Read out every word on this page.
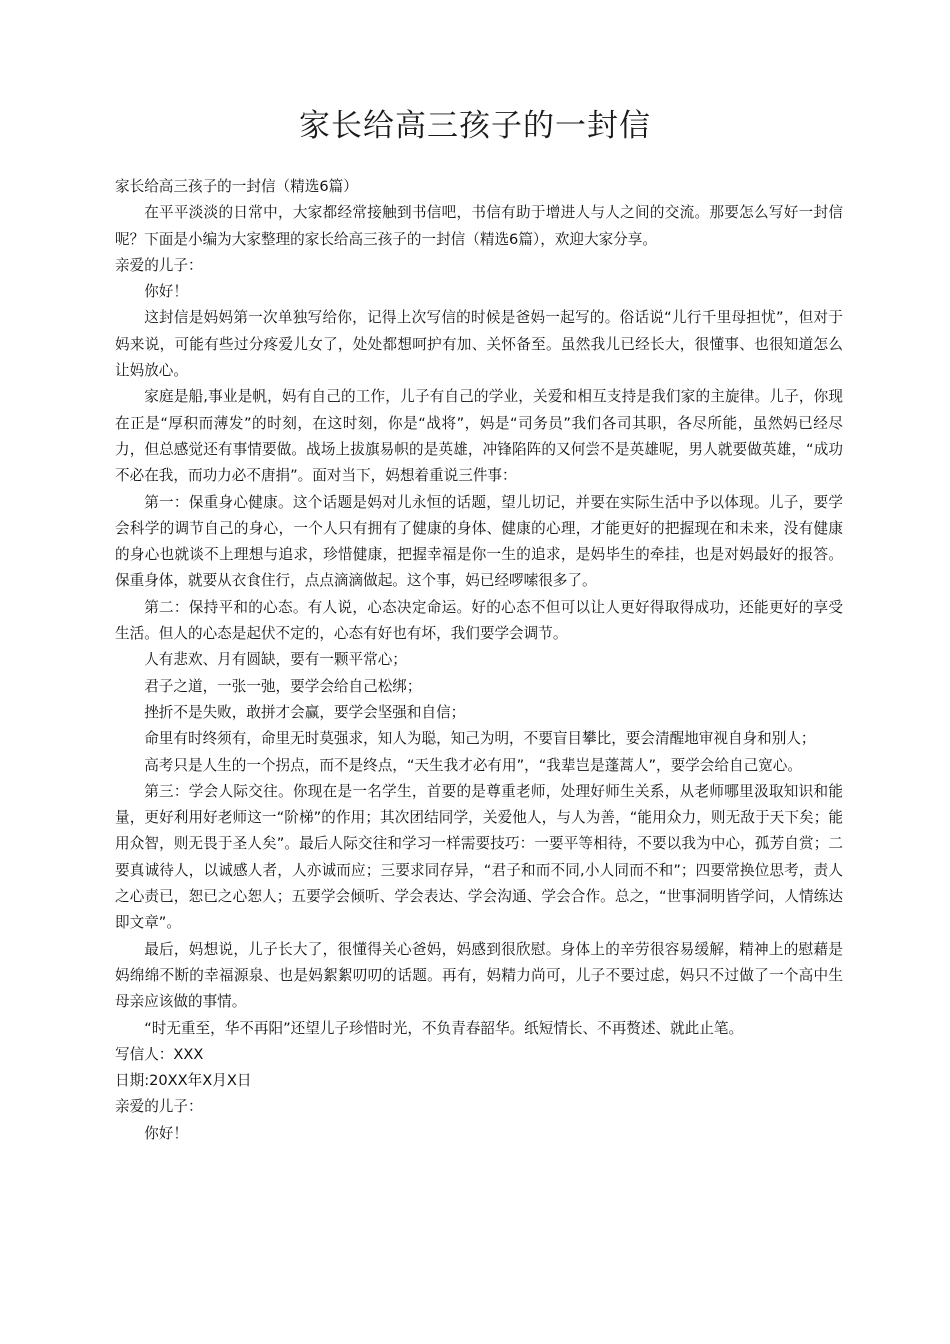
家长给高三孩子的一封信

家长给高三孩子的一封信（精选6篇）

在平平淡淡的日常中，大家都经常接触到书信吧，书信有助于增进人与人之间的交流。那要怎么写好一封信呢？下面是小编为大家整理的家长给高三孩子的一封信（精选6篇），欢迎大家分享。

亲爱的儿子：

你好！

这封信是妈妈第一次单独写给你，记得上次写信的时候是爸妈一起写的。俗话说“儿行千里母担忧”，但对于妈来说，可能有些过分疼爱儿女了，处处都想呵护有加、关怀备至。虽然我儿已经长大，很懂事、也很知道怎么让妈放心。

家庭是船,事业是帆，妈有自己的工作，儿子有自己的学业，关爱和相互支持是我们家的主旋律。儿子，你现在正是“厚积而薄发”的时刻，在这时刻，你是“战将”，妈是“司务员”我们各司其职，各尽所能，虽然妈已经尽力，但总感觉还有事情要做。战场上拔旗易帜的是英雄，冲锋陷阵的又何尝不是英雄呢，男人就要做英雄，“成功不必在我，而功力必不唐捐”。面对当下，妈想着重说三件事：

第一：保重身心健康。这个话题是妈对儿永恒的话题，望儿切记，并要在实际生活中予以体现。儿子，要学会科学的调节自己的身心，一个人只有拥有了健康的身体、健康的心理，才能更好的把握现在和未来，没有健康的身心也就谈不上理想与追求，珍惜健康，把握幸福是你一生的追求，是妈毕生的牵挂，也是对妈最好的报答。保重身体，就要从衣食住行，点点滴滴做起。这个事，妈已经啰嗦很多了。

第二：保持平和的心态。有人说，心态决定命运。好的心态不但可以让人更好得取得成功，还能更好的享受生活。但人的心态是起伏不定的，心态有好也有坏，我们要学会调节。

人有悲欢、月有圆缺，要有一颗平常心；

君子之道，一张一弛，要学会给自己松绑；

挫折不是失败，敢拼才会赢，要学会坚强和自信；

命里有时终须有，命里无时莫强求，知人为聪，知己为明，不要盲目攀比，要会清醒地审视自身和别人；

高考只是人生的一个拐点，而不是终点，“天生我才必有用”，“我辈岂是蓬蒿人”，要学会给自己宽心。

第三：学会人际交往。你现在是一名学生，首要的是尊重老师，处理好师生关系，从老师哪里汲取知识和能量，更好利用好老师这一“阶梯”的作用；其次团结同学，关爱他人，与人为善，“能用众力，则无敌于天下矣；能用众智，则无畏于圣人矣”。最后人际交往和学习一样需要技巧：一要平等相待，不要以我为中心，孤芳自赏；二要真诚待人，以诚感人者，人亦诚而应；三要求同存异，“君子和而不同,小人同而不和”；四要常换位思考，责人之心责已，恕已之心恕人；五要学会倾听、学会表达、学会沟通、学会合作。总之，“世事洞明皆学问，人情练达即文章”。

最后，妈想说，儿子长大了，很懂得关心爸妈，妈感到很欣慰。身体上的辛劳很容易缓解，精神上的慰藉是妈绵绵不断的幸福源泉、也是妈絮絮叨叨的话题。再有，妈精力尚可，儿子不要过虑，妈只不过做了一个高中生母亲应该做的事情。

“时无重至，华不再阳”还望儿子珍惜时光，不负青春韶华。纸短情长、不再赘述、就此止笔。

写信人：XXX

日期:20XX年X月X日

亲爱的儿子：

你好！
